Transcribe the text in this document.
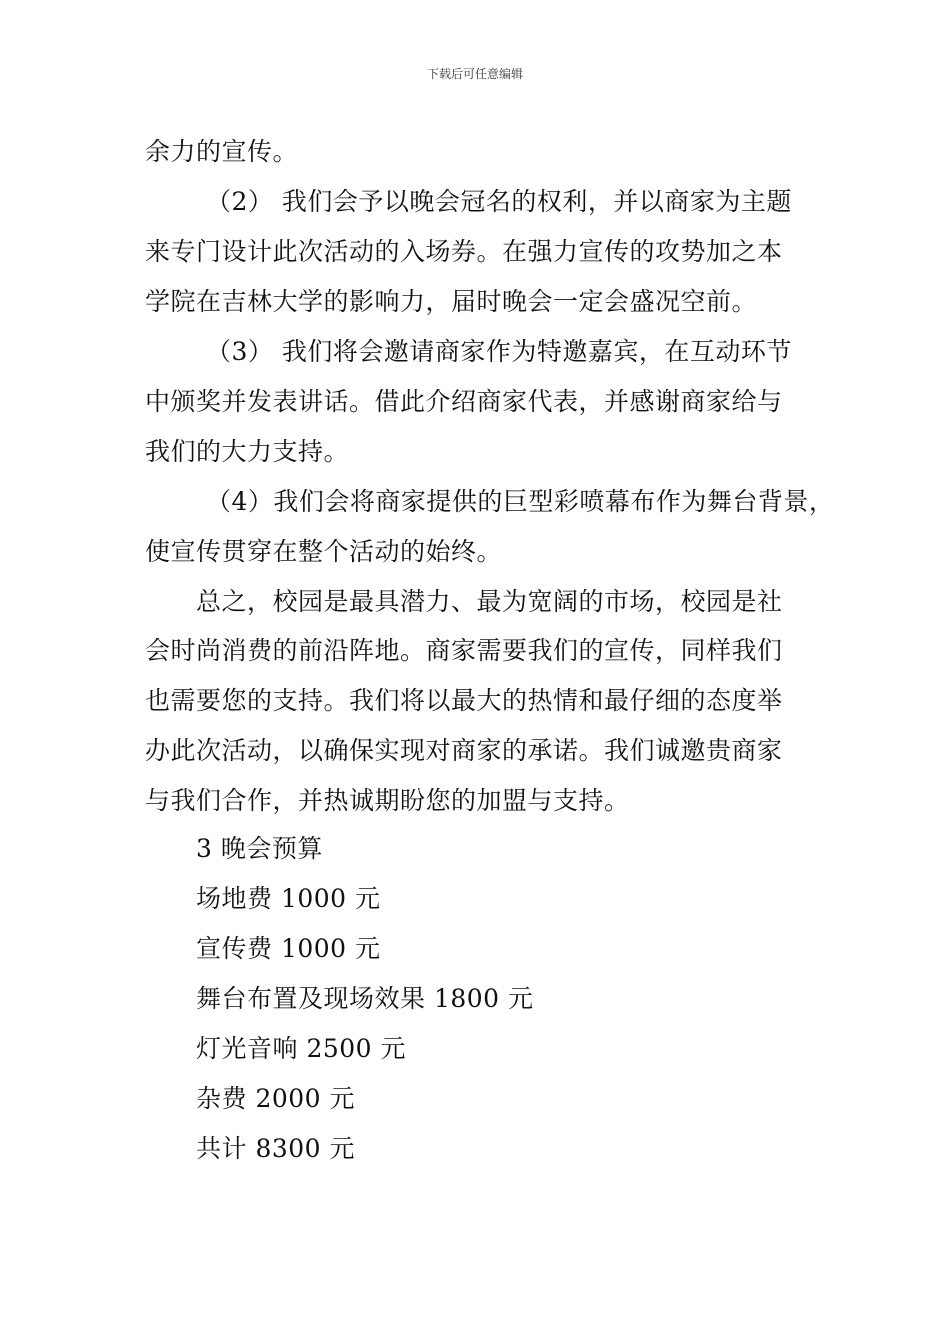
下载后可任意编辑
余力的宣传。
（2） 我们会予以晚会冠名的权利，并以商家为主题
来专门设计此次活动的入场券。在强力宣传的攻势加之本
学院在吉林大学的影响力，届时晚会一定会盛况空前。
（3） 我们将会邀请商家作为特邀嘉宾，在互动环节
中颁奖并发表讲话。借此介绍商家代表，并感谢商家给与
我们的大力支持。
（4）我们会将商家提供的巨型彩喷幕布作为舞台背景，
使宣传贯穿在整个活动的始终。
总之，校园是最具潜力、最为宽阔的市场，校园是社
会时尚消费的前沿阵地。商家需要我们的宣传，同样我们
也需要您的支持。我们将以最大的热情和最仔细的态度举
办此次活动，以确保实现对商家的承诺。我们诚邀贵商家
与我们合作，并热诚期盼您的加盟与支持。
3 晚会预算
场地费 1000 元
宣传费 1000 元
舞台布置及现场效果 1800 元
灯光音响 2500 元
杂费 2000 元
共计 8300 元
